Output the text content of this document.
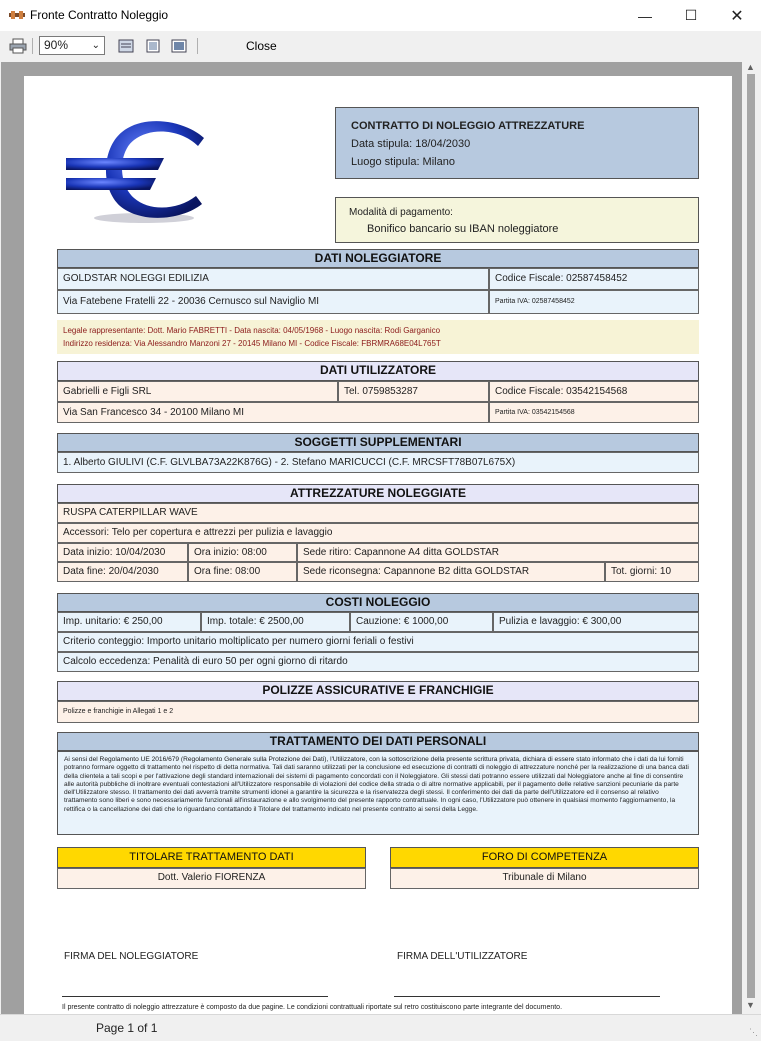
Fronte Contratto Noleggio	—	☐	✕
90% ⌄	Close
CONTRATTO DI NOLEGGIO ATTREZZATURE
Data stipula: 18/04/2030
Luogo stipula: Milano
Modalità di pagamento:
Bonifico bancario su IBAN noleggiatore
DATI NOLEGGIATORE
GOLDSTAR NOLEGGI EDILIZIA	Codice Fiscale: 02587458452
Via Fatebene Fratelli 22 - 20036 Cernusco sul Naviglio MI	Partita IVA: 02587458452
Legale rappresentante: Dott. Mario FABRETTI - Data nascita: 04/05/1968 - Luogo nascita: Rodi Garganico
Indirizzo residenza: Via Alessandro Manzoni 27 - 20145 Milano MI - Codice Fiscale: FBRMRA68E04L765T
DATI UTILIZZATORE
Gabrielli e Figli SRL	Tel. 0759853287	Codice Fiscale: 03542154568
Via San Francesco 34 - 20100 Milano MI	Partita IVA: 03542154568
SOGGETTI SUPPLEMENTARI
1. Alberto GIULIVI (C.F. GLVLBA73A22K876G) - 2. Stefano MARICUCCI (C.F. MRCSFT78B07L675X)
ATTREZZATURE NOLEGGIATE
RUSPA CATERPILLAR WAVE
Accessori: Telo per copertura e attrezzi per pulizia e lavaggio
Data inizio: 10/04/2030	Ora inizio: 08:00	Sede ritiro: Capannone A4 ditta GOLDSTAR
Data fine: 20/04/2030	Ora fine: 08:00	Sede riconsegna: Capannone B2 ditta GOLDSTAR	Tot. giorni: 10
COSTI NOLEGGIO
Imp. unitario: € 250,00	Imp. totale: € 2500,00	Cauzione: € 1000,00	Pulizia e lavaggio: € 300,00
Criterio conteggio: Importo unitario moltiplicato per numero giorni feriali o festivi
Calcolo eccedenza: Penalità di euro 50 per ogni giorno di ritardo
POLIZZE ASSICURATIVE E FRANCHIGIE
Polizze e franchigie in Allegati 1 e 2
TRATTAMENTO DEI DATI PERSONALI
Ai sensi del Regolamento UE 2016/679 (Regolamento Generale sulla Protezione dei Dati), l'Utilizzatore, con la sottoscrizione della presente scrittura privata, dichiara di essere stato informato che i dati da lui forniti potranno formare oggetto di trattamento nel rispetto di detta normativa. Tali dati saranno utilizzati per la conclusione ed esecuzione di contratti di noleggio di attrezzature nonché per la realizzazione di una banca dati della clientela a tali scopi e per l'attivazione degli standard internazionali dei sistemi di pagamento concordati con il Noleggiatore. Gli stessi dati potranno essere utilizzati dal Noleggiatore anche al fine di consentire alle autorità pubbliche di inoltrare eventuali contestazioni all'Utilizzatore responsabile di violazioni del codice della strada o di altre normative applicabili, per il pagamento delle relative sanzioni pecuniarie da parte dell'Utilizzatore stesso. Il trattamento dei dati avverrà tramite strumenti idonei a garantire la sicurezza e la riservatezza degli stessi. Il conferimento dei dati da parte dell'Utilizzatore ed il consenso al relativo trattamento sono liberi e sono necessariamente funzionali all'instaurazione e allo svolgimento del presente rapporto contrattuale. In ogni caso, l'Utilizzatore può ottenere in qualsiasi momento l'aggiornamento, la rettifica o la cancellazione dei dati che lo riguardano contattando il Titolare del trattamento indicato nel presente contratto ai sensi della Legge.
TITOLARE TRATTAMENTO DATI
Dott. Valerio FIORENZA
FORO DI COMPETENZA
Tribunale di Milano
FIRMA DEL NOLEGGIATORE	FIRMA DELL'UTILIZZATORE
Il presente contratto di noleggio attrezzature è composto da due pagine. Le condizioni contrattuali riportate sul retro costituiscono parte integrante del documento.
▲
▼
Page 1 of 1	⋱
